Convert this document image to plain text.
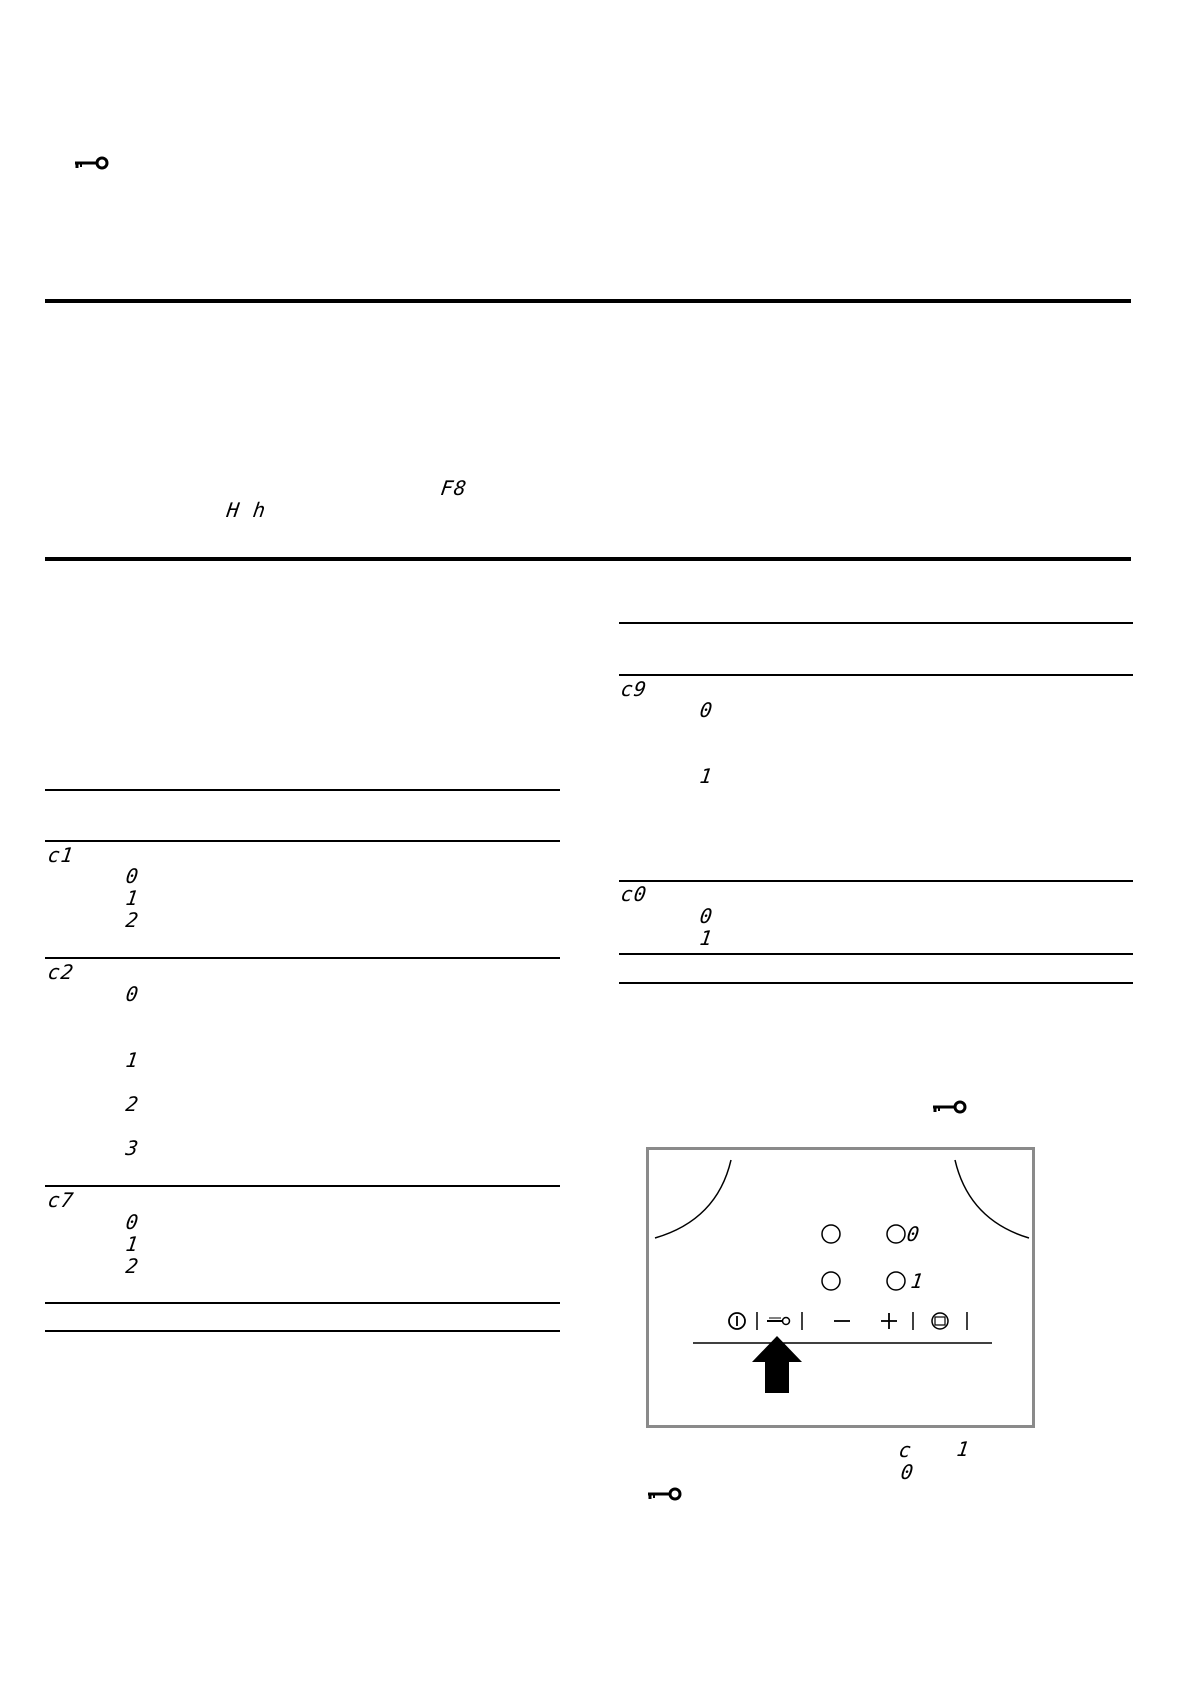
F8
H h
c1
0
1
2
c2
0
1
2
3
c7
0
1
2
c9
0
1
c0
0
1
0
1
c 1
0
